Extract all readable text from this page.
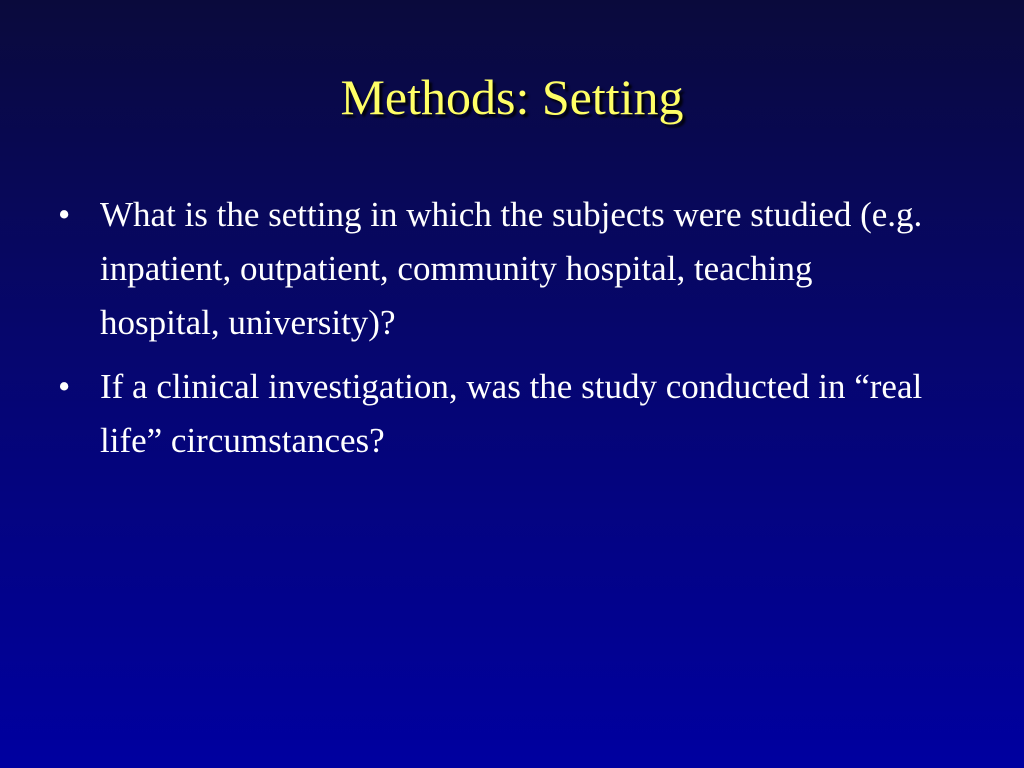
Methods: Setting
• What is the setting in which the subjects were studied (e.g. inpatient, outpatient, community hospital, teaching hospital, university)?
• If a clinical investigation, was the study conducted in “real life” circumstances?
